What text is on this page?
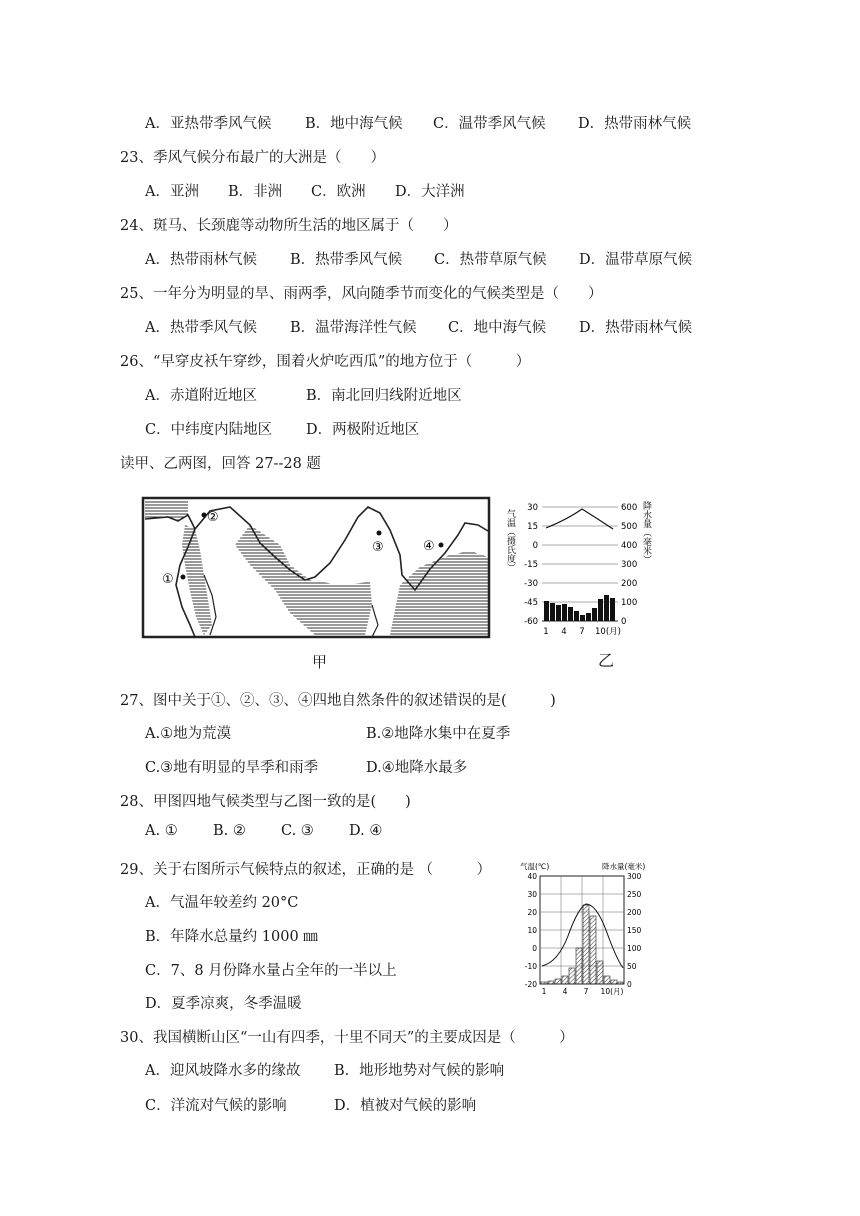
A．亚热带季风气候 B．地中海气候 C．温带季风气候 D．热带雨林气候
23、季风气候分布最广的大洲是（　　）
A．亚洲 B．非洲 C．欧洲 D．大洋洲
24、斑马、长颈鹿等动物所生活的地区属于（　　）
A．热带雨林气候 B．热带季风气候 C．热带草原气候 D．温带草原气候
25、一年分为明显的旱、雨两季，风向随季节而变化的气候类型是（　　）
A．热带季风气候 B．温带海洋性气候 C．地中海气候 D．热带雨林气候
26、“早穿皮袄午穿纱，围着火炉吃西瓜”的地方位于（　　　）
A．赤道附近地区	B．南北回归线附近地区
C．中纬度内陆地区 D．两极附近地区
读甲、乙两图，回答 27--28 题
①
②
③	④
甲
气温（摄氏度）	降水量（毫米）
30
15
0
-15
-30
-45
-60
600
500
400
300
200
100
0
1 4 7 10(月)
乙
27、图中关于①、②、③、④四地自然条件的叙述错误的是(　　　)
A.①地为荒漠	B.②地降水集中在夏季
C.③地有明显的旱季和雨季	D.④地降水最多
28、甲图四地气候类型与乙图一致的是(　　)
A. ① B. ② C. ③ D. ④
29、关于右图所示气候特点的叙述，正确的是 （　　　）
A．气温年较差约 20°C
B．年降水总量约 1000 ㎜
C．7、8 月份降水量占全年的一半以上
D．夏季凉爽，冬季温暖
气温(℃)	降水量(毫米)
40
30
20
10
0
-10
-20
300
250
200
150
100
50
0
1 4 7 10(月)
30、我国横断山区“一山有四季，十里不同天”的主要成因是（　　　）
A．迎风坡降水多的缘故 B．地形地势对气候的影响
C．洋流对气候的影响	D．植被对气候的影响
